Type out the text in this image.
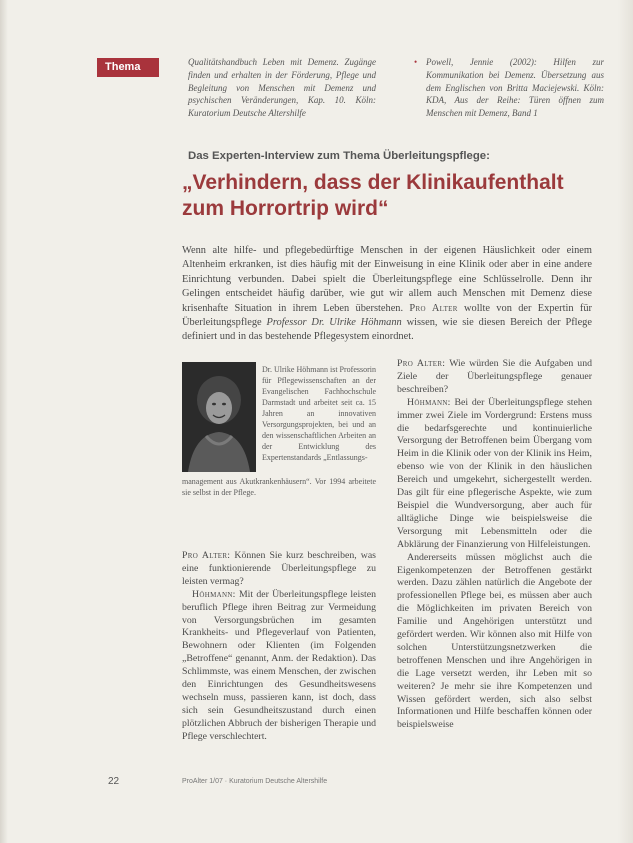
Thema	Qualitätshandbuch Leben mit Demenz. Zugänge finden und erhalten in der Förderung, Pflege und Begleitung von Menschen mit Demenz und psychischen Veränderungen, Kap. 10. Köln: Kuratorium Deutsche Altershilfe
• Powell, Jennie (2002): Hilfen zur Kommunikation bei Demenz. Übersetzung aus dem Englischen von Britta Maciejewski. Köln: KDA, Aus der Reihe: Türen öffnen zum Menschen mit Demenz, Band 1
Das Experten-Interview zum Thema Überleitungspflege:
„Verhindern, dass der Klinikaufenthalt zum Horrortrip wird“
Wenn alte hilfe- und pflegebedürftige Menschen in der eigenen Häuslichkeit oder einem Altenheim erkranken, ist dies häufig mit der Einweisung in eine Klinik oder aber in eine andere Einrichtung verbunden. Dabei spielt die Überleitungspflege eine Schlüsselrolle. Denn ihr Gelingen entscheidet häufig darüber, wie gut wir allem auch Menschen mit Demenz diese krisenhafte Situation in ihrem Leben überstehen. Pro Alter wollte von der Expertin für Überleitungspflege Professor Dr. Ulrike Höhmann wissen, wie sie diesen Bereich der Pflege definiert und in das bestehende Pflegesystem einordnet.
Dr. Ulrike Höhmann ist Professorin für Pflegewissenschaften an der Evangelischen Fachhochschule Darmstadt und arbeitet seit ca. 15 Jahren an innovativen Versorgungsprojekten, bei und an den wissenschaftlichen Arbeiten an der Entwicklung des Expertenstandards „Entlassungs-
management aus Akutkrankenhäusern“. Vor 1994 arbeitete sie selbst in der Pflege.

Pro Alter: Können Sie kurz beschreiben, was eine funktionierende Überleitungspflege zu leisten vermag?

Höhmann: Mit der Überleitungspflege leisten beruflich Pflege ihren Beitrag zur Vermeidung von Versorgungsbrüchen im gesamten Krankheits- und Pflegeverlauf von Patienten, Bewohnern oder Klienten (im Folgenden „Betroffene“ genannt, Anm. der Redaktion). Das Schlimmste, was einem Menschen, der zwischen den Einrichtungen des Gesundheitswesens wechseln muss, passieren kann, ist doch, dass sich sein Gesundheitszustand durch einen plötzlichen Abbruch der bisherigen Therapie und Pflege verschlechtert.

Pro Alter: Wie würden Sie die Aufgaben und Ziele der Überleitungspflege genauer beschreiben?

Höhmann: Bei der Überleitungspflege stehen immer zwei Ziele im Vordergrund: Erstens muss die bedarfsgerechte und kontinuierliche Versorgung der Betroffenen beim Übergang vom Heim in die Klinik oder von der Klinik ins Heim, ebenso wie von der Klinik in den häuslichen Bereich und umgekehrt, sichergestellt werden. Das gilt für eine pflegerische Aspekte, wie zum Beispiel die Wundversorgung, aber auch für alltägliche Dinge wie beispielsweise die Versorgung mit Lebensmitteln oder die Abklärung der Finanzierung von Hilfeleistungen.

Andererseits müssen möglichst auch die Eigenkompetenzen der Betroffenen gestärkt werden. Dazu zählen natürlich die Angebote der professionellen Pflege bei, es müssen aber auch die Möglichkeiten im privaten Bereich von Familie und Angehörigen unterstützt und gefördert werden. Wir können also mit Hilfe von solchen Unterstützungsnetzwerken die betroffenen Menschen und ihre Angehörigen in die Lage versetzt werden, ihr Leben mit so weiteren? Je mehr sie ihre Kompetenzen und Wissen gefördert werden, sich also selbst Informationen und Hilfe beschaffen können oder beispielsweise

22	ProAlter 1/07 · Kuratorium Deutsche Altershilfe
